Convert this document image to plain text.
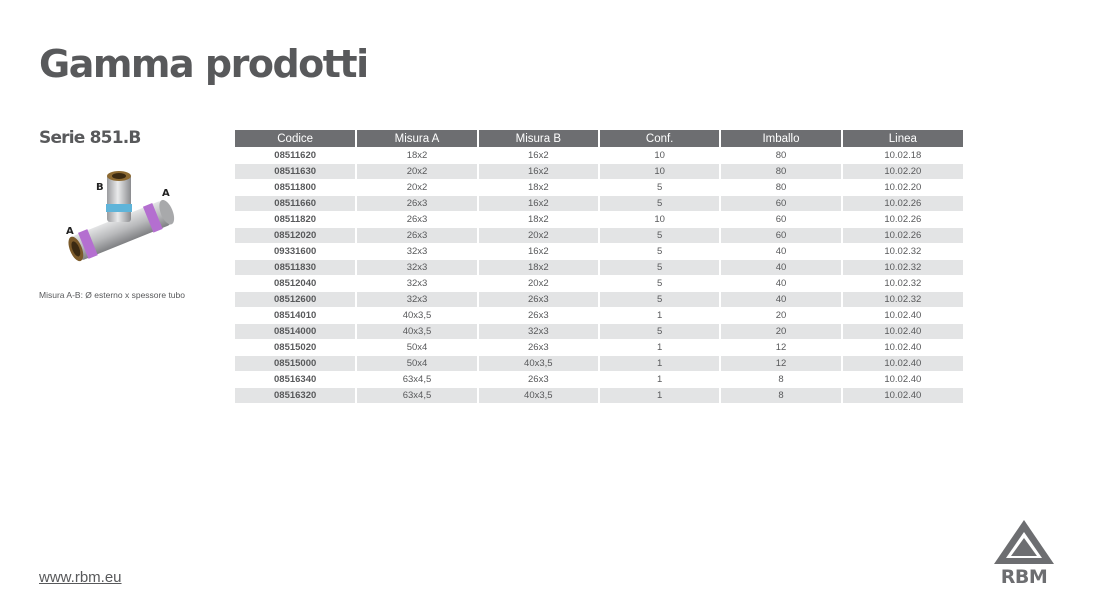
Gamma prodotti
Serie 851.B
B
A
A
Misura A-B: Ø esterno x spessore tubo
Codice	Misura A	Misura B	Conf.	Imballo	Linea
08511620	18x2	16x2	10	80	10.02.18
08511630	20x2	16x2	10	80	10.02.20
08511800	20x2	18x2	5	80	10.02.20
08511660	26x3	16x2	5	60	10.02.26
08511820	26x3	18x2	10	60	10.02.26
08512020	26x3	20x2	5	60	10.02.26
09331600	32x3	16x2	5	40	10.02.32
08511830	32x3	18x2	5	40	10.02.32
08512040	32x3	20x2	5	40	10.02.32
08512600	32x3	26x3	5	40	10.02.32
08514010	40x3,5	26x3	1	20	10.02.40
08514000	40x3,5	32x3	5	20	10.02.40
08515020	50x4	26x3	1	12	10.02.40
08515000	50x4	40x3,5	1	12	10.02.40
08516340	63x4,5	26x3	1	8	10.02.40
08516320	63x4,5	40x3,5	1	8	10.02.40
www.rbm.eu	RBM
